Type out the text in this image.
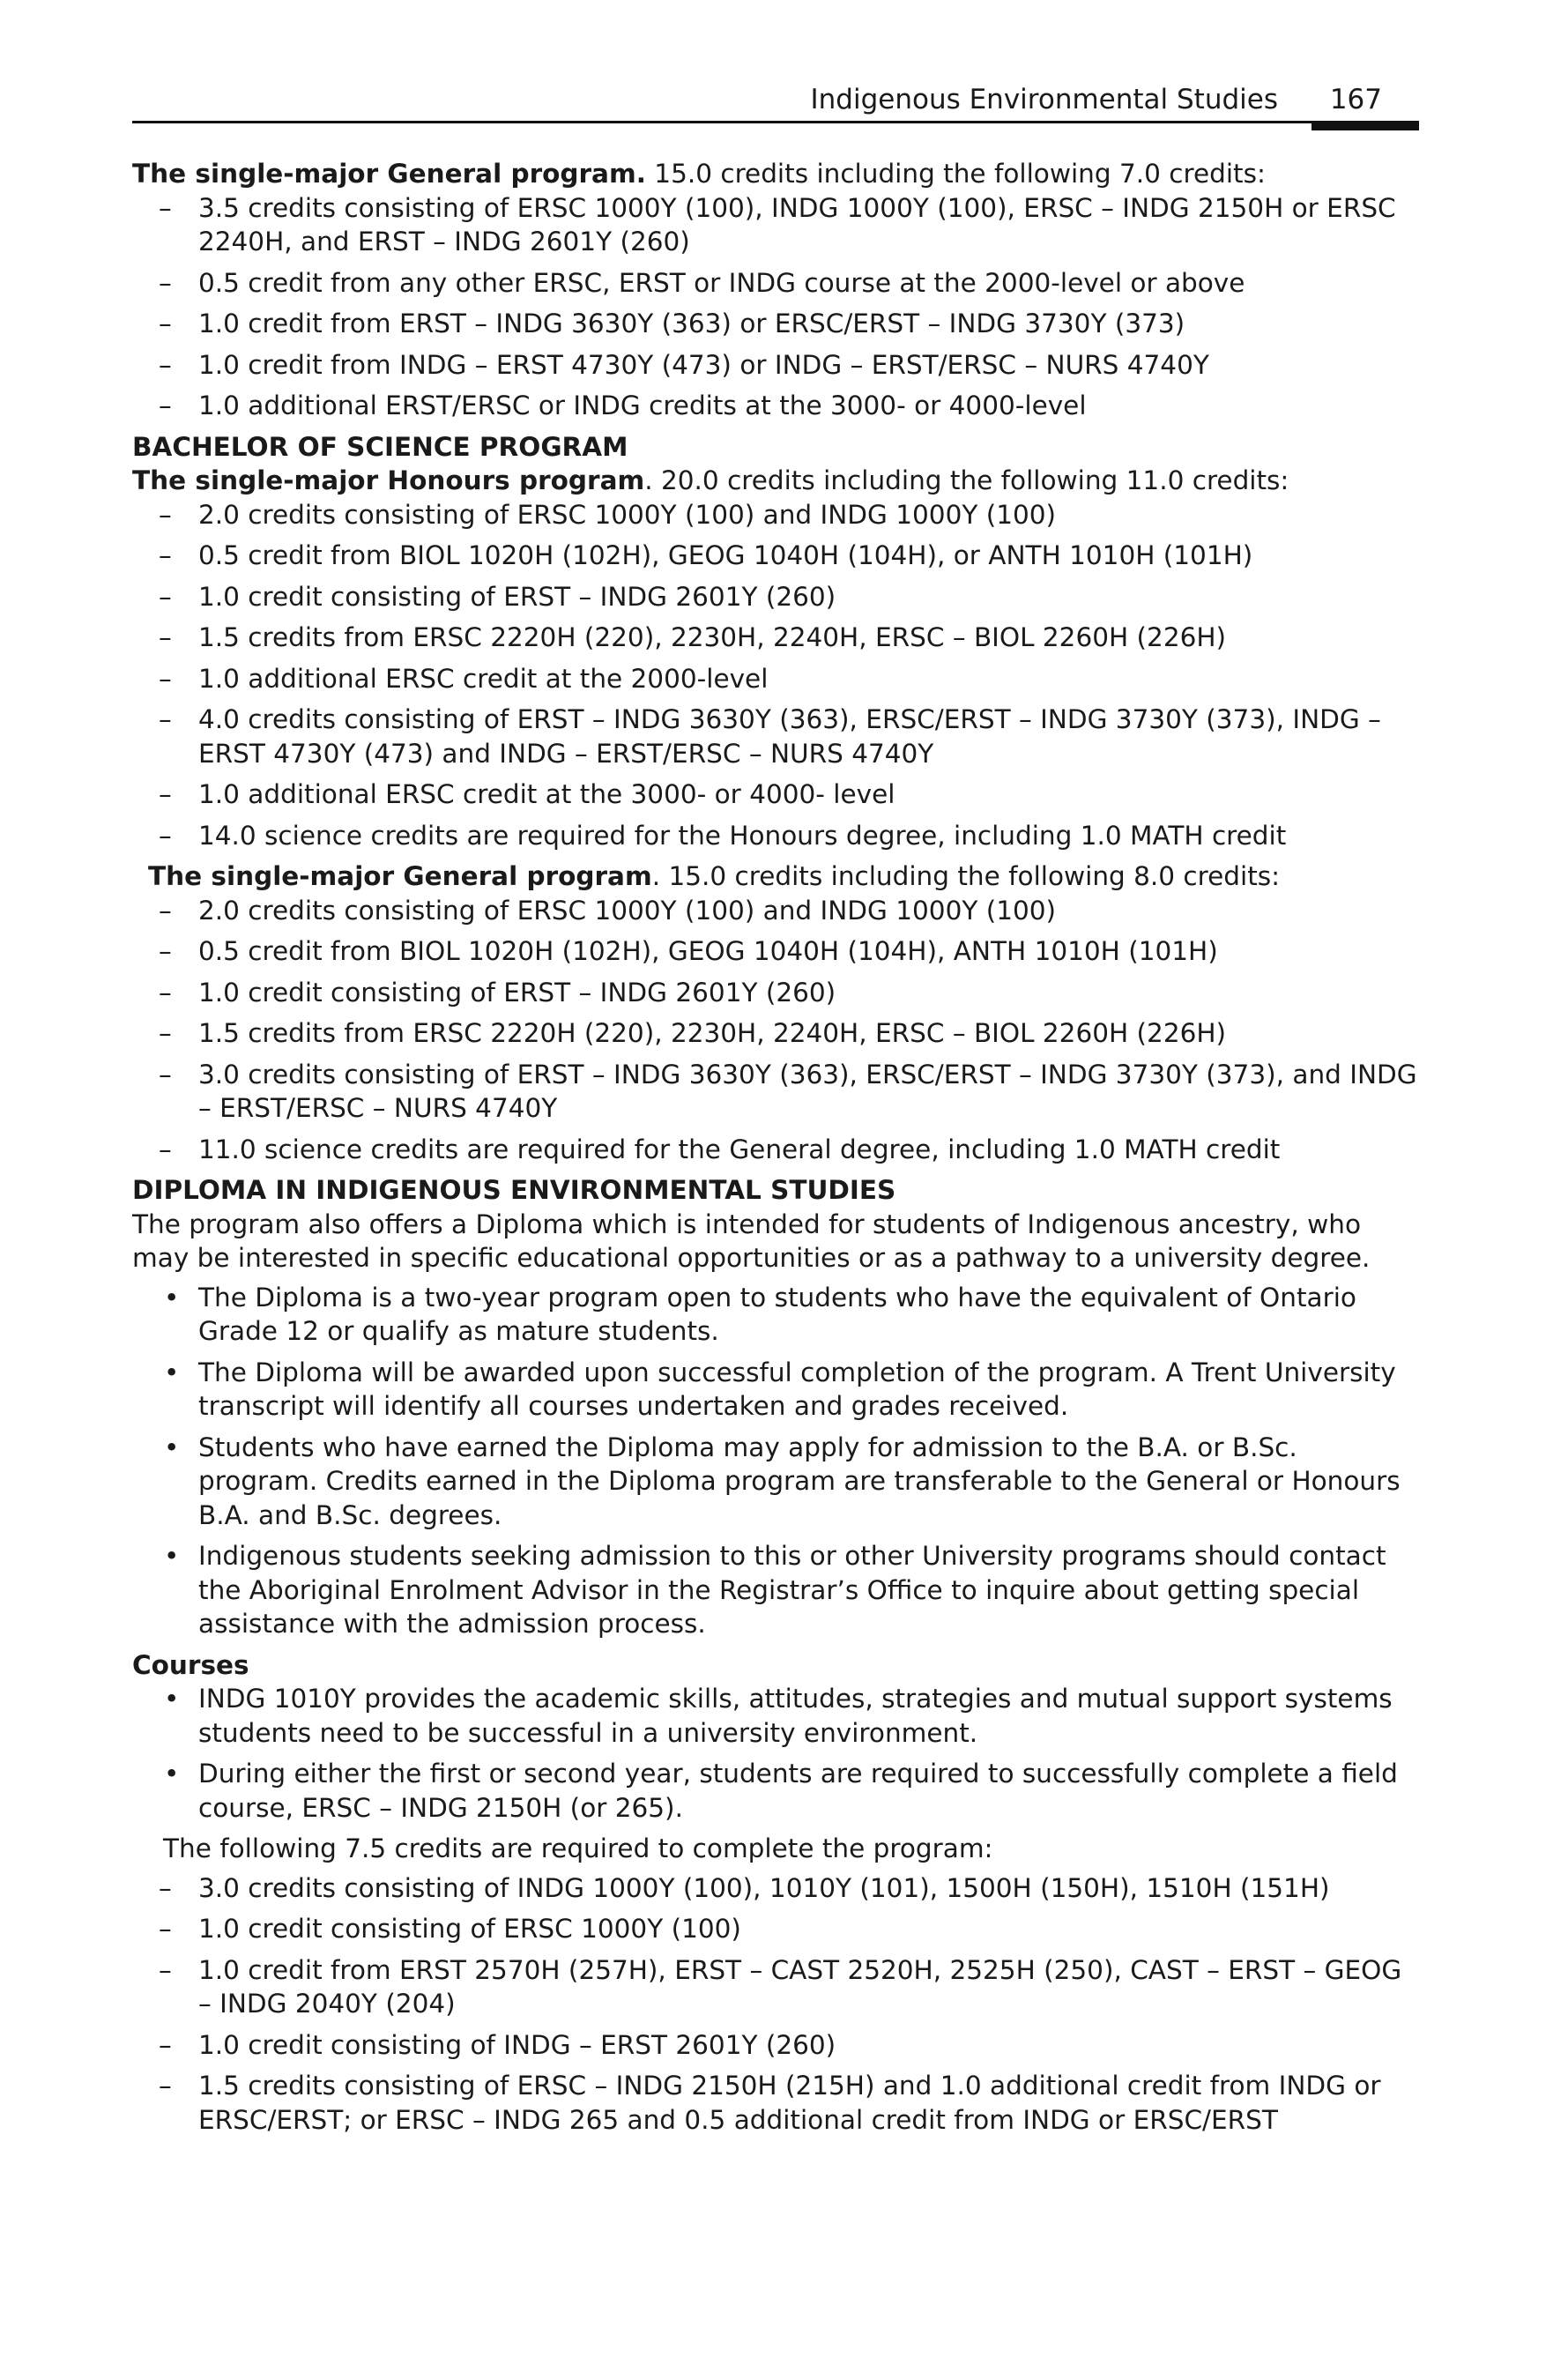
Indigenous Environmental Studies 167

The single-major General program. 15.0 credits including the following 7.0 credits:

– 3.5 credits consisting of ERSC 1000Y (100), INDG 1000Y (100), ERSC – INDG 2150H or ERSC 2240H, and ERST – INDG 2601Y (260)
– 0.5 credit from any other ERSC, ERST or INDG course at the 2000-level or above
– 1.0 credit from ERST – INDG 3630Y (363) or ERSC/ERST – INDG 3730Y (373)
– 1.0 credit from INDG – ERST 4730Y (473) or INDG – ERST/ERSC – NURS 4740Y
– 1.0 additional ERST/ERSC or INDG credits at the 3000- or 4000-level

BACHELOR OF SCIENCE PROGRAM

The single-major Honours program. 20.0 credits including the following 11.0 credits:

– 2.0 credits consisting of ERSC 1000Y (100) and INDG 1000Y (100)
– 0.5 credit from BIOL 1020H (102H), GEOG 1040H (104H), or ANTH 1010H (101H)
– 1.0 credit consisting of ERST – INDG 2601Y (260)
– 1.5 credits from ERSC 2220H (220), 2230H, 2240H, ERSC – BIOL 2260H (226H)
– 1.0 additional ERSC credit at the 2000-level
– 4.0 credits consisting of ERST – INDG 3630Y (363), ERSC/ERST – INDG 3730Y (373), INDG – ERST 4730Y (473) and INDG – ERST/ERSC – NURS 4740Y
– 1.0 additional ERSC credit at the 3000- or 4000- level
– 14.0 science credits are required for the Honours degree, including 1.0 MATH credit

The single-major General program. 15.0 credits including the following 8.0 credits:

– 2.0 credits consisting of ERSC 1000Y (100) and INDG 1000Y (100)
– 0.5 credit from BIOL 1020H (102H), GEOG 1040H (104H), ANTH 1010H (101H)
– 1.0 credit consisting of ERST – INDG 2601Y (260)
– 1.5 credits from ERSC 2220H (220), 2230H, 2240H, ERSC – BIOL 2260H (226H)
– 3.0 credits consisting of ERST – INDG 3630Y (363), ERSC/ERST – INDG 3730Y (373), and INDG – ERST/ERSC – NURS 4740Y
– 11.0 science credits are required for the General degree, including 1.0 MATH credit

DIPLOMA IN INDIGENOUS ENVIRONMENTAL STUDIES

The program also offers a Diploma which is intended for students of Indigenous ancestry, who may be interested in specific educational opportunities or as a pathway to a university degree.

• The Diploma is a two-year program open to students who have the equivalent of Ontario Grade 12 or qualify as mature students.
• The Diploma will be awarded upon successful completion of the program. A Trent University transcript will identify all courses undertaken and grades received.
• Students who have earned the Diploma may apply for admission to the B.A. or B.Sc. program. Credits earned in the Diploma program are transferable to the General or Honours B.A. and B.Sc. degrees.
• Indigenous students seeking admission to this or other University programs should contact the Aboriginal Enrolment Advisor in the Registrar’s Office to inquire about getting special assistance with the admission process.

Courses

• INDG 1010Y provides the academic skills, attitudes, strategies and mutual support systems students need to be successful in a university environment.
• During either the first or second year, students are required to successfully complete a field course, ERSC – INDG 2150H (or 265).

The following 7.5 credits are required to complete the program:

– 3.0 credits consisting of INDG 1000Y (100), 1010Y (101), 1500H (150H), 1510H (151H)
– 1.0 credit consisting of ERSC 1000Y (100)
– 1.0 credit from ERST 2570H (257H), ERST – CAST 2520H, 2525H (250), CAST – ERST – GEOG – INDG 2040Y (204)
– 1.0 credit consisting of INDG – ERST 2601Y (260)
– 1.5 credits consisting of ERSC – INDG 2150H (215H) and 1.0 additional credit from INDG or ERSC/ERST; or ERSC – INDG 265 and 0.5 additional credit from INDG or ERSC/ERST
